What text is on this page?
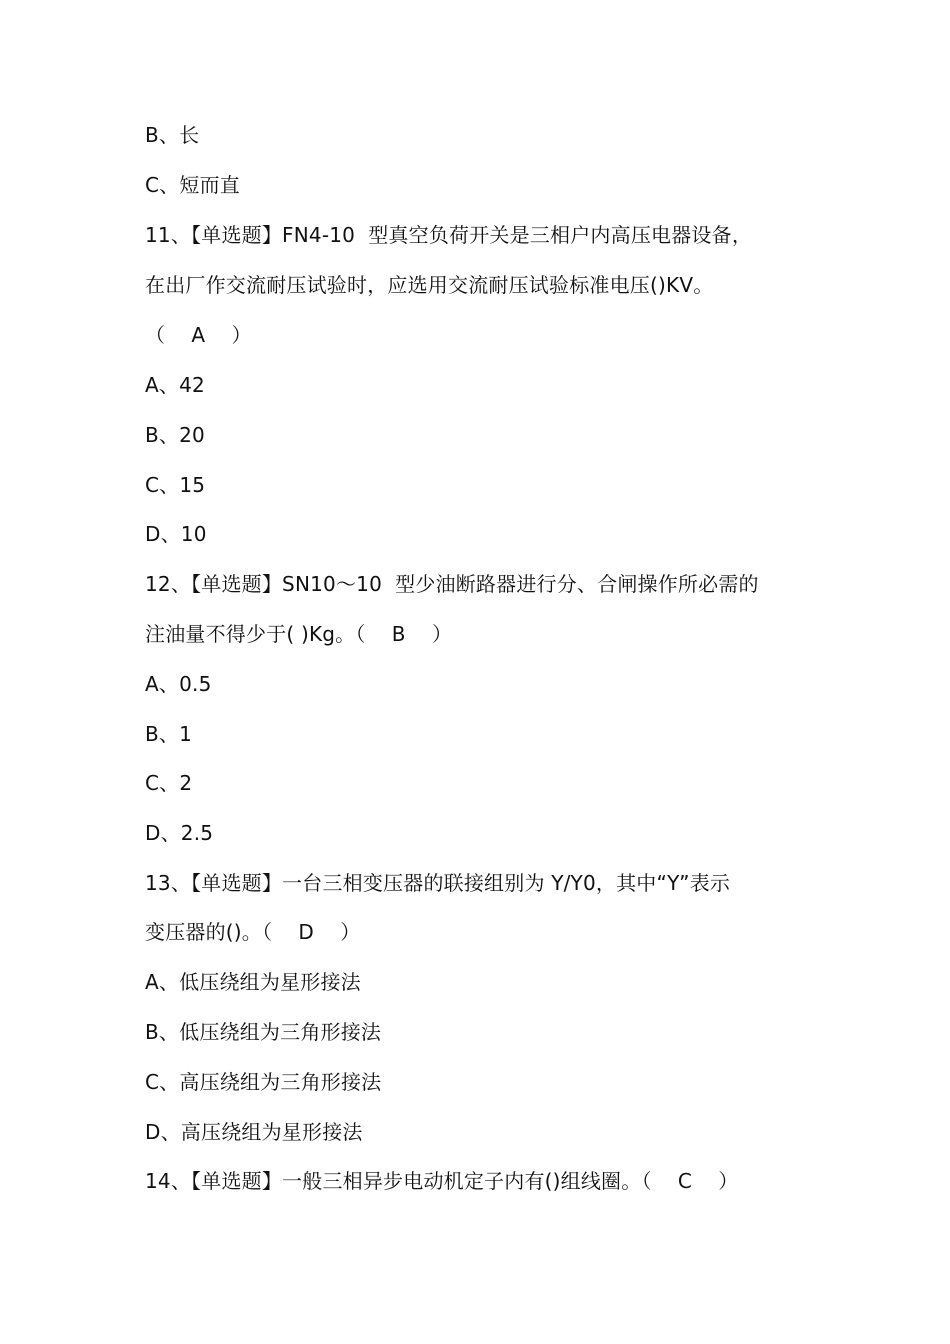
B、长
C、短而直
11、【单选题】FN4-10  型真空负荷开关是三相户内高压电器设备，
在出厂作交流耐压试验时，应选用交流耐压试验标准电压()KV。
（    A    ）
A、42
B、20
C、15
D、10
12、【单选题】SN10～10  型少油断路器进行分、合闸操作所必需的
注油量不得少于( )Kg。（    B    ）
A、0.5
B、1
C、2
D、2.5
13、【单选题】一台三相变压器的联接组别为 Y/Y0，其中“Y”表示
变压器的()。（    D    ）
A、低压绕组为星形接法
B、低压绕组为三角形接法
C、高压绕组为三角形接法
D、高压绕组为星形接法
14、【单选题】一般三相异步电动机定子内有()组线圈。（    C    ）
